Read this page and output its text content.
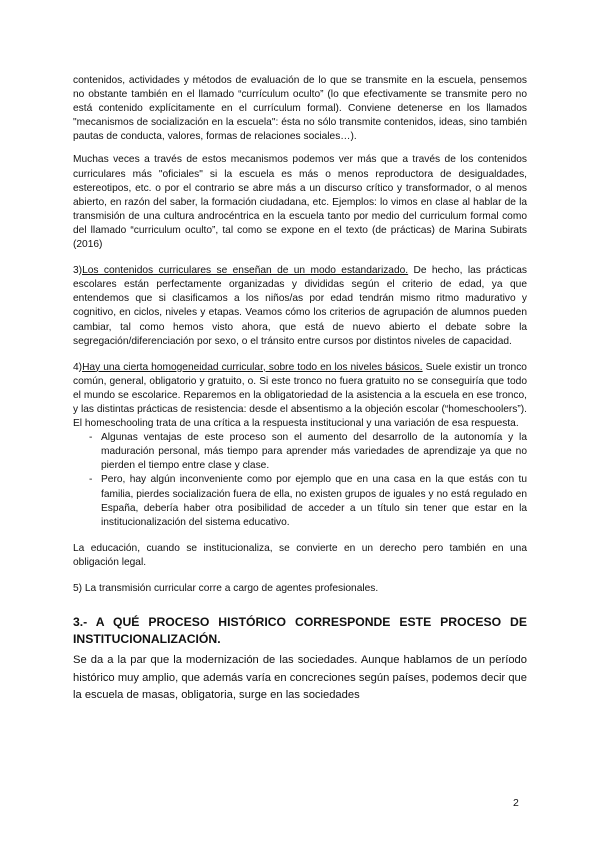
contenidos, actividades y métodos de evaluación de lo que se transmite en la escuela, pensemos no obstante también en el llamado “currículum oculto” (lo que efectivamente se transmite pero no está contenido explícitamente en el currículum formal). Conviene detenerse en los llamados "mecanismos de socialización en la escuela": ésta no sólo transmite contenidos, ideas, sino también pautas de conducta, valores, formas de relaciones sociales…).

Muchas veces a través de estos mecanismos podemos ver más que a través de los contenidos curriculares más "oficiales" si la escuela es más o menos reproductora de desigualdades, estereotipos, etc. o por el contrario se abre más a un discurso crítico y transformador, o al menos abierto, en razón del saber, la formación ciudadana, etc. Ejemplos: lo vimos en clase al hablar de la transmisión de una cultura androcéntrica en la escuela tanto por medio del curriculum formal como del llamado “curriculum oculto”, tal como se expone en el texto (de prácticas) de Marina Subirats (2016)

3)Los contenidos curriculares se enseñan de un modo estandarizado. De hecho, las prácticas escolares están perfectamente organizadas y divididas según el criterio de edad, ya que entendemos que si clasificamos a los niños/as por edad tendrán mismo ritmo madurativo y cognitivo, en ciclos, niveles y etapas. Veamos cómo los criterios de agrupación de alumnos pueden cambiar, tal como hemos visto ahora, que está de nuevo abierto el debate sobre la segregación/diferenciación por sexo, o el tránsito entre cursos por distintos niveles de capacidad.

4)Hay una cierta homogeneidad curricular, sobre todo en los niveles básicos. Suele existir un tronco común, general, obligatorio y gratuito, o. Si este tronco no fuera gratuito no se conseguiría que todo el mundo se escolarice. Reparemos en la obligatoriedad de la asistencia a la escuela en ese tronco, y las distintas prácticas de resistencia: desde el absentismo a la objeción escolar (“homeschoolers”). El homeschooling trata de una crítica a la respuesta institucional y una variación de esa respuesta.

- Algunas ventajas de este proceso son el aumento del desarrollo de la autonomía y la maduración personal, más tiempo para aprender más variedades de aprendizaje ya que no pierden el tiempo entre clase y clase.
- Pero, hay algún inconveniente como por ejemplo que en una casa en la que estás con tu familia, pierdes socialización fuera de ella, no existen grupos de iguales y no está regulado en España, debería haber otra posibilidad de acceder a un título sin tener que estar en la institucionalización del sistema educativo.

La educación, cuando se institucionaliza, se convierte en un derecho pero también en una obligación legal.

5) La transmisión curricular corre a cargo de agentes profesionales.

3.- A QUÉ PROCESO HISTÓRICO CORRESPONDE ESTE PROCESO DE INSTITUCIONALIZACIÓN.

Se da a la par que la modernización de las sociedades. Aunque hablamos de un período histórico muy amplio, que además varía en concreciones según países, podemos decir que la escuela de masas, obligatoria, surge en las sociedades

2
